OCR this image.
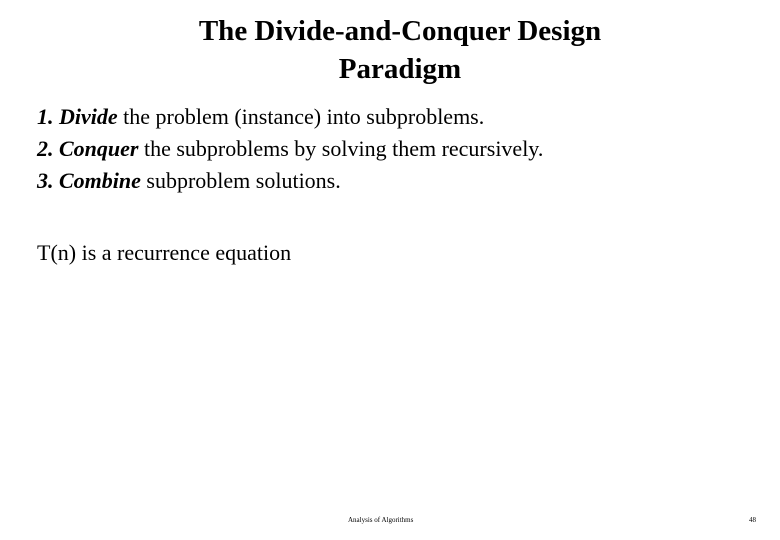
The Divide-and-Conquer Design
Paradigm
1. Divide the problem (instance) into subproblems.
2. Conquer the subproblems by solving them recursively.
3. Combine subproblem solutions.
T(n) is a recurrence equation
Analysis of Algorithms	48
